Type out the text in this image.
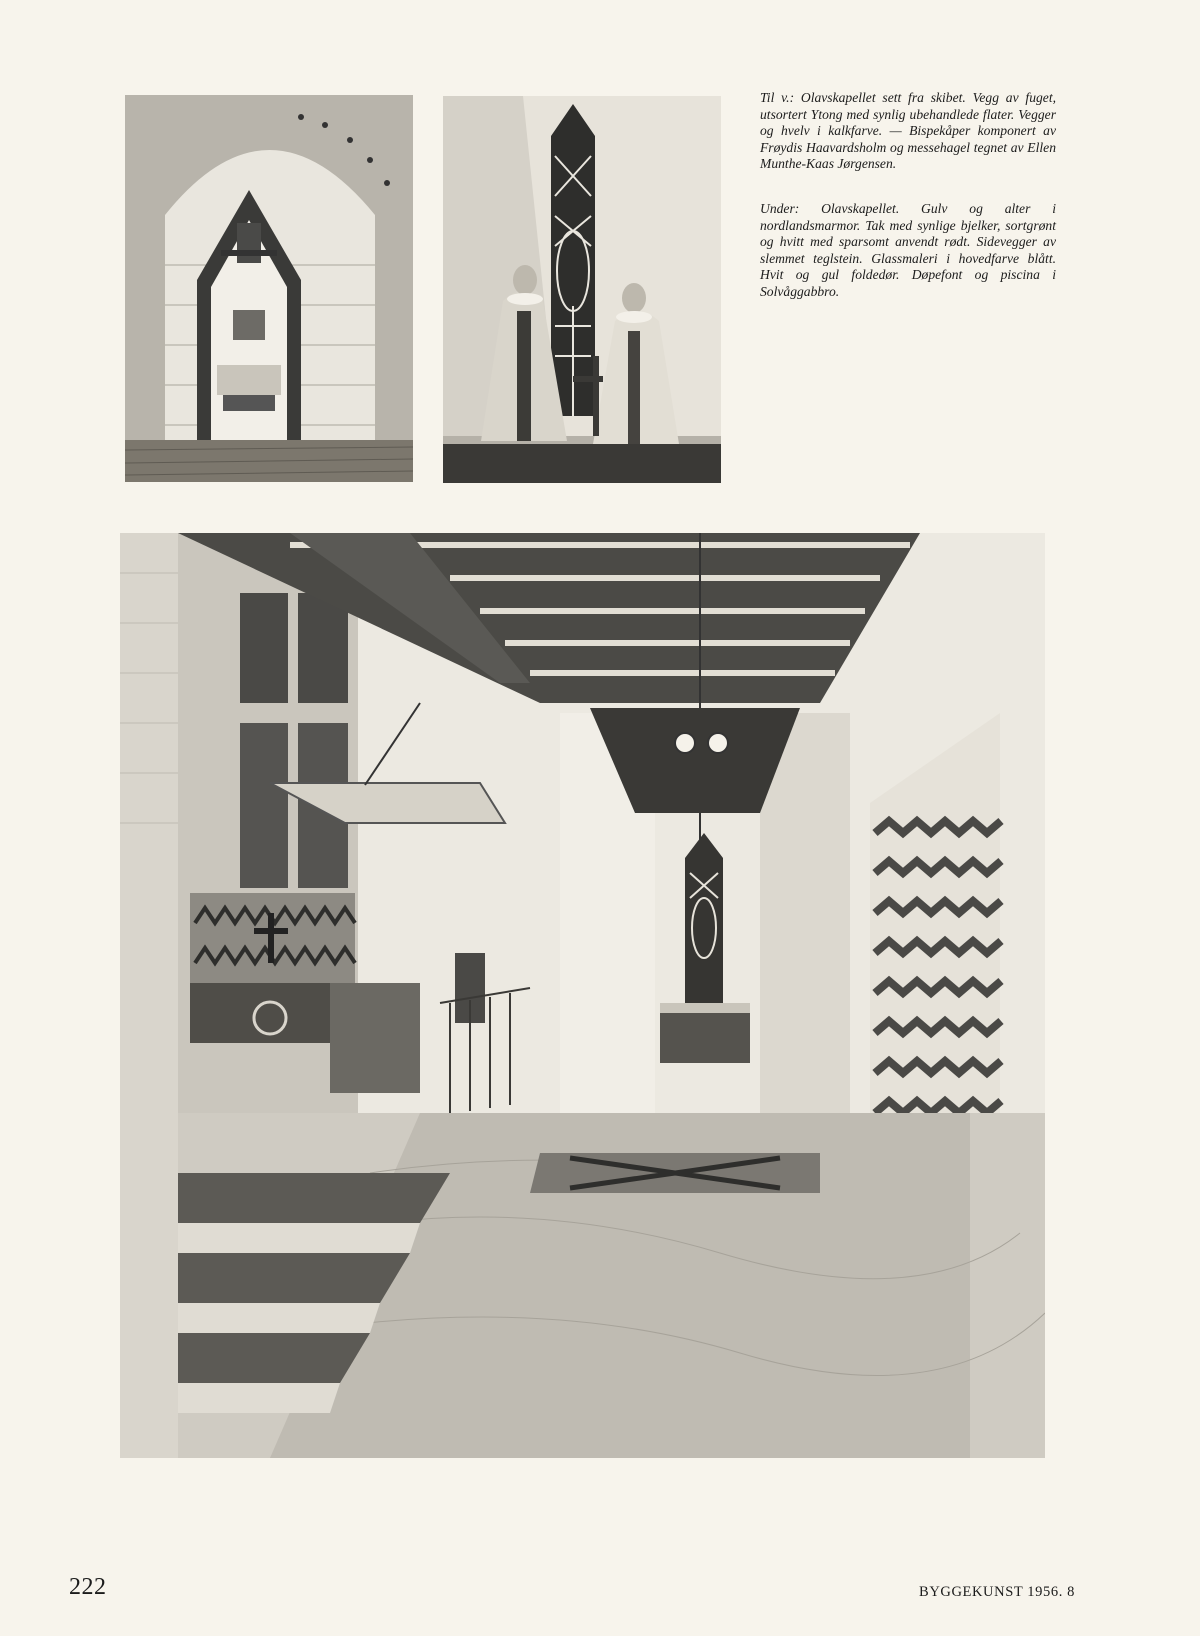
Til v.: Olavskapellet sett fra skibet. Vegg av fuget, utsortert Ytong med synlig ubehandlede flater. Vegger og hvelv i kalkfarve. — Bispekåper komponert av Frøydis Haavardsholm og messehagel tegnet av Ellen Munthe-Kaas Jørgensen.

Under: Olavskapellet. Gulv og alter i nordlandsmarmor. Tak med synlige bjelker, sortgrønt og hvitt med sparsomt anvendt rødt. Sidevegger av slemmet teglstein. Glassmaleri i hovedfarve blått. Hvit og gul foldedør. Døpefont og piscina i Solvåggabbro.

222	BYGGEKUNST 1956. 8
